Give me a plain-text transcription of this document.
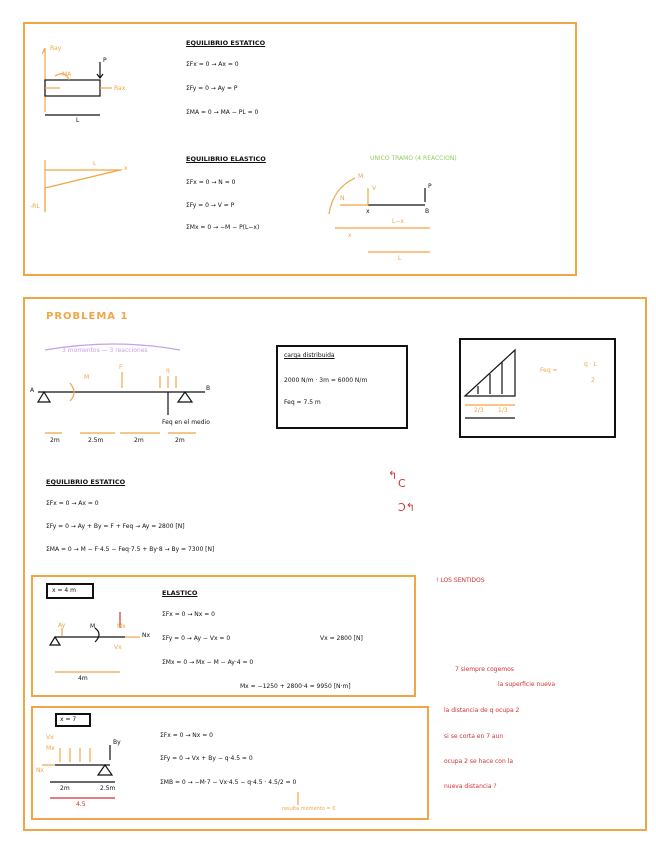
Ray
P
MA
Rax
L
L
x
-RL
EQUILIBRIO ESTATICO
ΣFx = 0 → Ax = 0
ΣFy = 0 → Ay = P
ΣMA = 0 → MA − PL = 0
EQUILIBRIO ELASTICO
ΣFx = 0 → N = 0
ΣFy = 0 → V = P
ΣMx = 0 → −M − P(L−x)
UNICO TRAMO (4 REACCION)
M
N
V	P
x	B
L−x
x
L
PROBLEMA 1
3 momentos — 3 reacciones
A	B
M
F	q
Feq en el medio
2m	2.5m	2m	2m
carga distribuida
2000 N/m · 3m = 6000 N/m
Feq = 7.5 m
Feq =
q · L
2
2/3 1/3
↰
C
Ↄ↰
EQUILIBRIO ESTATICO
ΣFx = 0 → Ax = 0
ΣFy = 0 → Ay + By = F + Feq → Ay = 2800 [N]
ΣMA = 0 → M − F·4.5 − Feq·7.5 + By·8 → By = 7300 [N]
! LOS SENTIDOS
x = 4 m	ELASTICO
ΣFx = 0 → Nx = 0
ΣFy = 0 → Ay − Vx = 0	Vx = 2800 [N]
ΣMx = 0 → Mx − M − Ay·4 = 0
Mx = −1250 + 2800·4 = 9950 [N·m]
Ay	M	Mx
Nx
Vx
4m
x = 7
ΣFx = 0 → Nx = 0
ΣFy = 0 → Vx + By − q·4.5 = 0
ΣMB = 0 → −M·7 − Vx·4.5 − q·4.5 · 4.5/2 = 0
resulta momento = 0
Mx
Nx
Vx
By
2m	2.5m
4.5
7 siempre cogemos
la superficie nueva
la distancia de q ocupa 2
si se corta en 7 aun
ocupa 2 se hace con la
nueva distancia ?
